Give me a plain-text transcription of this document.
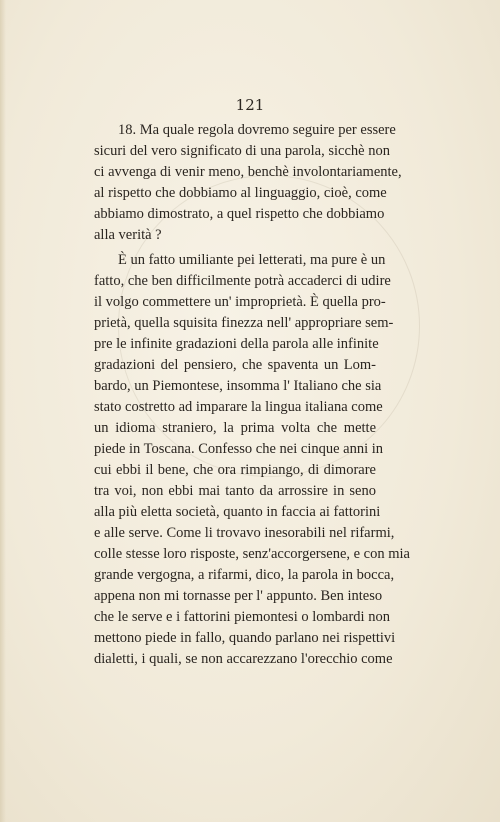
121
18. Ma quale regola dovremo seguire per essere
sicuri del vero significato di una parola, sicchè non
ci avvenga di venir meno, benchè involontariamente,
al rispetto che dobbiamo al linguaggio, cioè, come
abbiamo dimostrato, a quel rispetto che dobbiamo
alla verità ?
È un fatto umiliante pei letterati, ma pure è un
fatto, che ben difficilmente potrà accaderci di udire
il volgo commettere un' improprietà. È quella pro-
prietà, quella squisita finezza nell' appropriare sem-
pre le infinite gradazioni della parola alle infinite
gradazioni del pensiero, che spaventa un Lom-
bardo, un Piemontese, insomma l' Italiano che sia
stato costretto ad imparare la lingua italiana come
un idioma straniero, la prima volta che mette
piede in Toscana. Confesso che nei cinque anni in
cui ebbi il bene, che ora rimpiango, di dimorare
tra voi, non ebbi mai tanto da arrossire in seno
alla più eletta società, quanto in faccia ai fattorini
e alle serve. Come li trovavo inesorabili nel rifarmi,
colle stesse loro risposte, senz'accorgersene, e con mia
grande vergogna, a rifarmi, dico, la parola in bocca,
appena non mi tornasse per l' appunto. Ben inteso
che le serve e i fattorini piemontesi o lombardi non
mettono piede in fallo, quando parlano nei rispettivi
dialetti, i quali, se non accarezzano l'orecchio come
